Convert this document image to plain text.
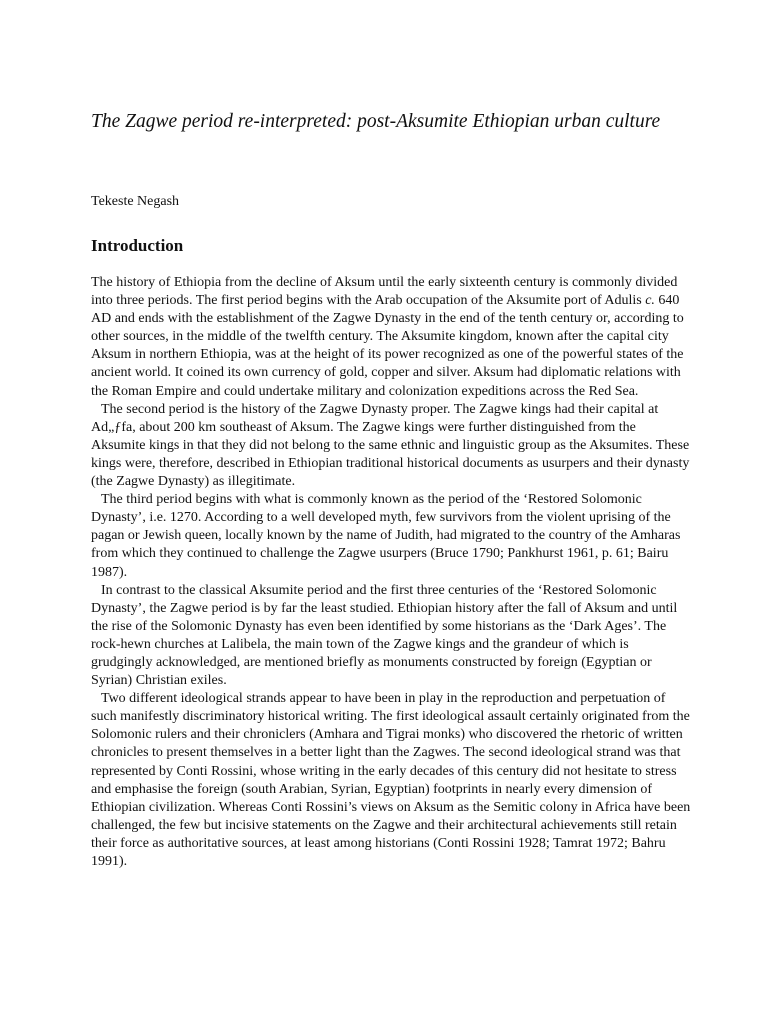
The Zagwe period re-interpreted: post-Aksumite Ethiopian urban culture

Tekeste Negash

Introduction

The history of Ethiopia from the decline of Aksum until the early sixteenth century is commonly divided into three periods. The first period begins with the Arab occupation of the Aksumite port of Adulis c. 640 AD and ends with the establishment of the Zagwe Dynasty in the end of the tenth century or, according to other sources, in the middle of the twelfth century. The Aksumite kingdom, known after the capital city Aksum in northern Ethiopia, was at the height of its power recognized as one of the powerful states of the ancient world. It coined its own currency of gold, copper and silver. Aksum had diplomatic relations with the Roman Empire and could undertake military and colonization expeditions across the Red Sea.

The second period is the history of the Zagwe Dynasty proper. The Zagwe kings had their capital at Ad„ƒfa, about 200 km southeast of Aksum. The Zagwe kings were further distinguished from the Aksumite kings in that they did not belong to the same ethnic and linguistic group as the Aksumites. These kings were, therefore, described in Ethiopian traditional historical documents as usurpers and their dynasty (the Zagwe Dynasty) as illegitimate.

The third period begins with what is commonly known as the period of the ‘Restored Solomonic Dynasty’, i.e. 1270. According to a well developed myth, few survivors from the violent uprising of the pagan or Jewish queen, locally known by the name of Judith, had migrated to the country of the Amharas from which they continued to challenge the Zagwe usurpers (Bruce 1790; Pankhurst 1961, p. 61; Bairu 1987).

In contrast to the classical Aksumite period and the first three centuries of the ‘Restored Solomonic Dynasty’, the Zagwe period is by far the least studied. Ethiopian history after the fall of Aksum and until the rise of the Solomonic Dynasty has even been identified by some historians as the ‘Dark Ages’. The rock-hewn churches at Lalibela, the main town of the Zagwe kings and the grandeur of which is grudgingly acknowledged, are mentioned briefly as monuments constructed by foreign (Egyptian or Syrian) Christian exiles.

Two different ideological strands appear to have been in play in the reproduction and perpetuation of such manifestly discriminatory historical writing. The first ideological assault certainly originated from the Solomonic rulers and their chroniclers (Amhara and Tigrai monks) who discovered the rhetoric of written chronicles to present themselves in a better light than the Zagwes. The second ideological strand was that represented by Conti Rossini, whose writing in the early decades of this century did not hesitate to stress and emphasise the foreign (south Arabian, Syrian, Egyptian) footprints in nearly every dimension of Ethiopian civilization. Whereas Conti Rossini’s views on Aksum as the Semitic colony in Africa have been challenged, the few but incisive statements on the Zagwe and their architectural achievements still retain their force as authoritative sources, at least among historians (Conti Rossini 1928; Tamrat 1972; Bahru 1991).
